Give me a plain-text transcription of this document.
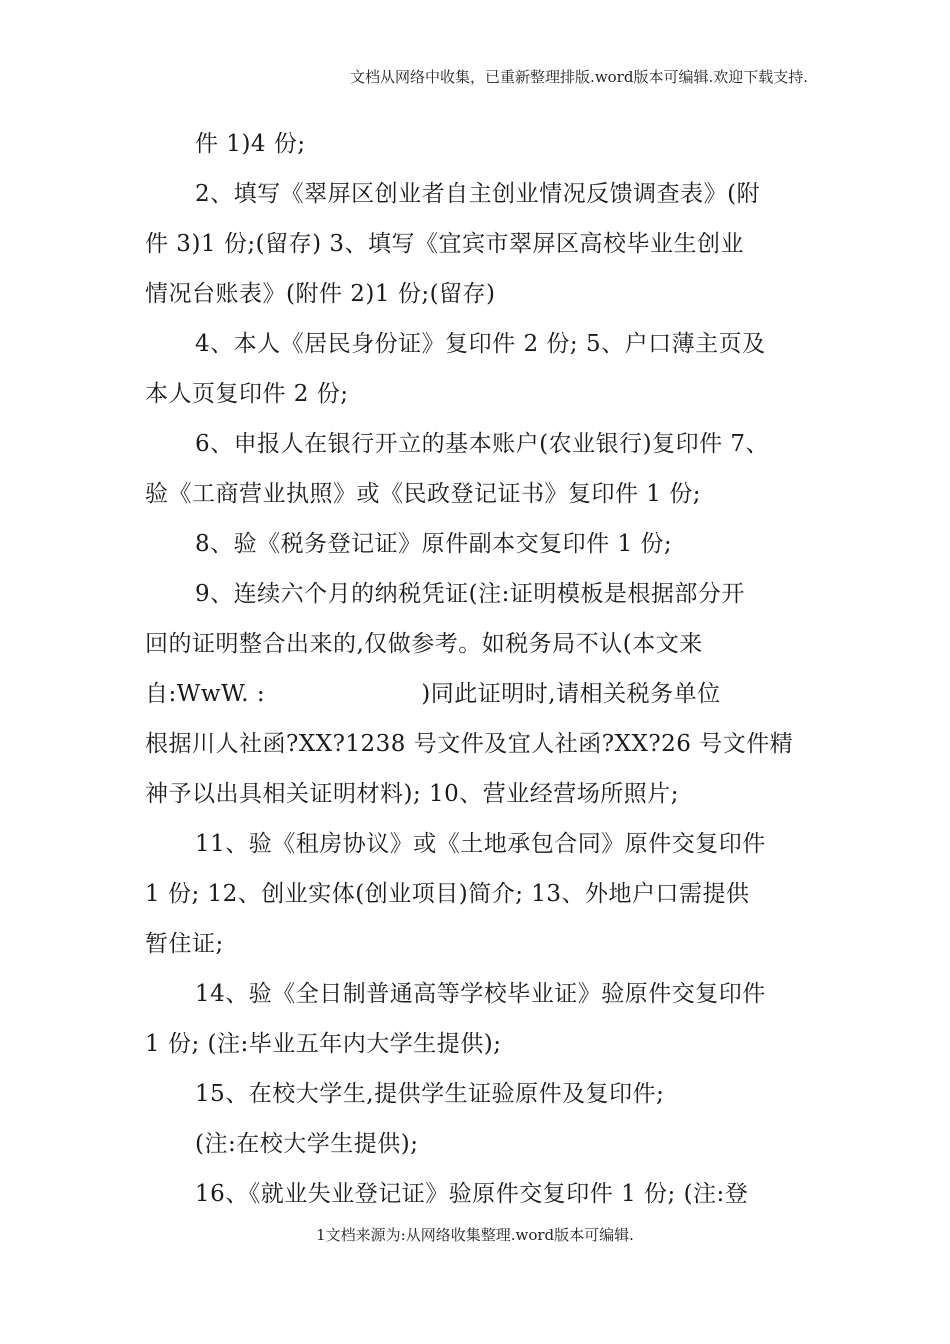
文档从网络中收集，已重新整理排版.word版本可编辑.欢迎下载支持.
件 1)4 份;
2、填写《翠屏区创业者自主创业情况反馈调查表》(附
件 3)1 份;(留存) 3、填写《宜宾市翠屏区高校毕业生创业
情况台账表》(附件 2)1 份;(留存)
4、本人《居民身份证》复印件 2 份; 5、户口薄主页及
本人页复印件 2 份;
6、申报人在银行开立的基本账户(农业银行)复印件 7、
验《工商营业执照》或《民政登记证书》复印件 1 份;
8、验《税务登记证》原件副本交复印件 1 份;
9、连续六个月的纳税凭证(注:证明模板是根据部分开
回的证明整合出来的,仅做参考。如税务局不认(本文来
自:WwW. :                    )同此证明时,请相关税务单位
根据川人社函?XX?1238 号文件及宜人社函?XX?26 号文件精
神予以出具相关证明材料); 10、营业经营场所照片;
11、验《租房协议》或《土地承包合同》原件交复印件
1 份; 12、创业实体(创业项目)简介; 13、外地户口需提供
暂住证;
14、验《全日制普通高等学校毕业证》验原件交复印件
1 份; (注:毕业五年内大学生提供);
15、在校大学生,提供学生证验原件及复印件;
(注:在校大学生提供);
16、《就业失业登记证》验原件交复印件 1 份; (注:登
1文档来源为:从网络收集整理.word版本可编辑.
